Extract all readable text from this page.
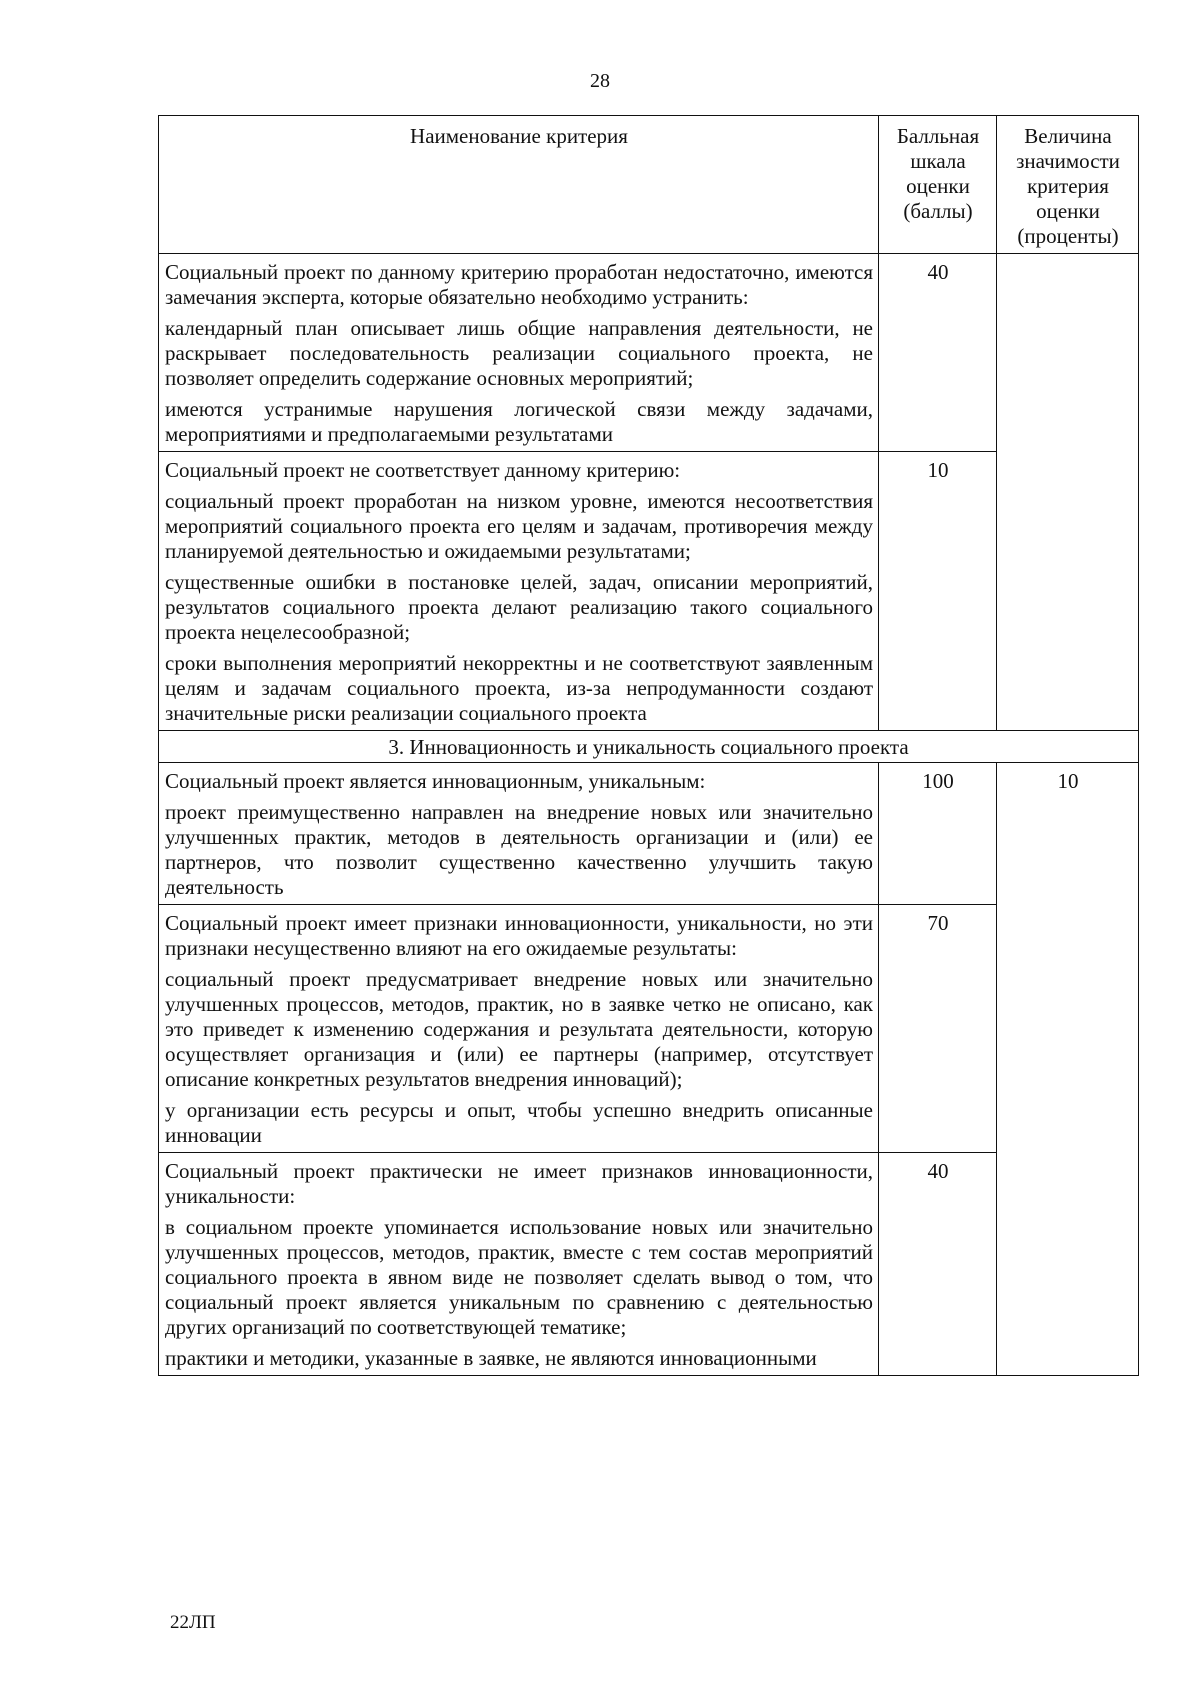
28
Наименование критерия	Балльная шкала оценки (баллы)	Величина значимости критерия оценки (проценты)

Социальный проект по данному критерию проработан недостаточно, имеются замечания эксперта, которые обязательно необходимо устранить:

календарный план описывает лишь общие направления деятельности, не раскрывает последовательность реализации социального проекта, не позволяет определить содержание основных мероприятий;

имеются устранимые нарушения логической связи между задачами, мероприятиями и предполагаемыми результатами	40	

Социальный проект не соответствует данному критерию:

социальный проект проработан на низком уровне, имеются несоответствия мероприятий социального проекта его целям и задачам, противоречия между планируемой деятельностью и ожидаемыми результатами;

существенные ошибки в постановке целей, задач, описании мероприятий, результатов социального проекта делают реализацию такого социального проекта нецелесообразной;

сроки выполнения мероприятий некорректны и не соответствуют заявленным целям и задачам социального проекта, из-за непродуманности создают значительные риски реализации социального проекта	10	
3. Инновационность и уникальность социального проекта		

Социальный проект является инновационным, уникальным:

проект преимущественно направлен на внедрение новых или значительно улучшенных практик, методов в деятельность организации и (или) ее партнеров, что позволит существенно качественно улучшить такую деятельность	100	10

Социальный проект имеет признаки инновационности, уникальности, но эти признаки несущественно влияют на его ожидаемые результаты:

социальный проект предусматривает внедрение новых или значительно улучшенных процессов, методов, практик, но в заявке четко не описано, как это приведет к изменению содержания и результата деятельности, которую осуществляет организация и (или) ее партнеры (например, отсутствует описание конкретных результатов внедрения инноваций);

у организации есть ресурсы и опыт, чтобы успешно внедрить описанные инновации	70	

Социальный проект практически не имеет признаков инновационности, уникальности:

в социальном проекте упоминается использование новых или значительно улучшенных процессов, методов, практик, вместе с тем состав мероприятий социального проекта в явном виде не позволяет сделать вывод о том, что социальный проект является уникальным по сравнению с деятельностью других организаций по соответствующей тематике;

практики и методики, указанные в заявке, не являются инновационными	40	
22ЛП
